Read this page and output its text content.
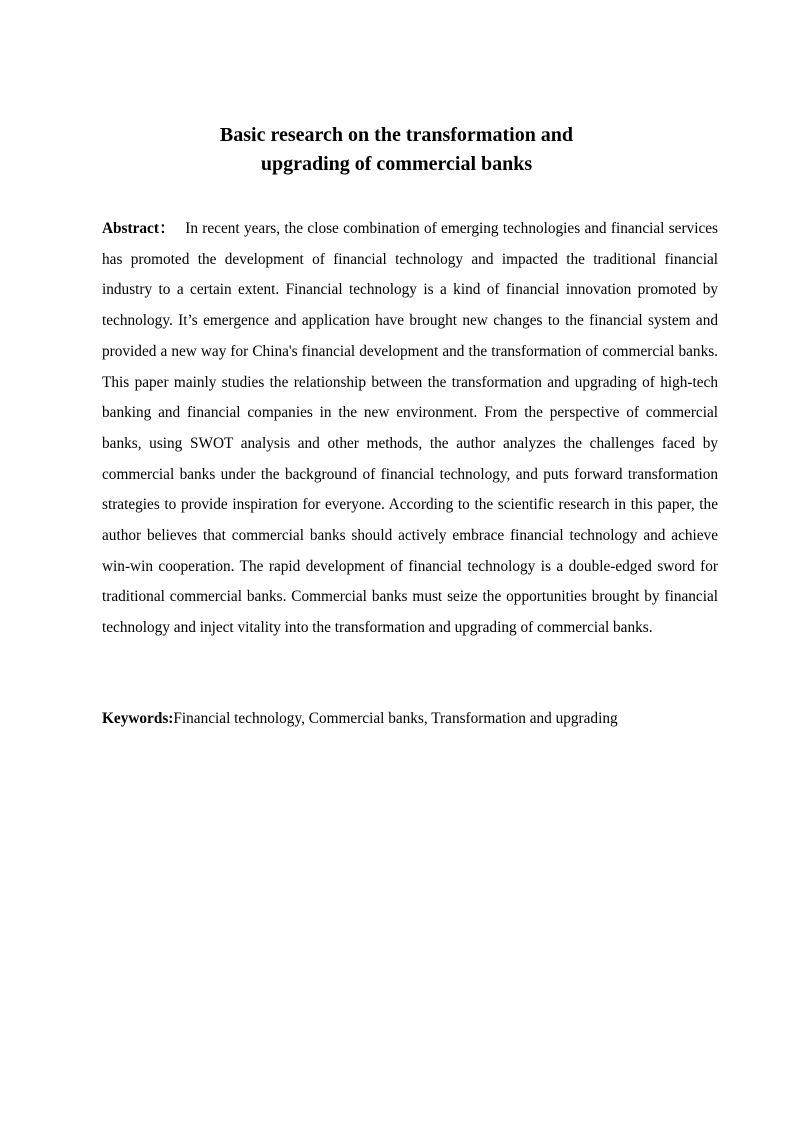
Basic research on the transformation and
upgrading of commercial banks

Abstract： In recent years, the close combination of emerging technologies and financial services has promoted the development of financial technology and impacted the traditional financial industry to a certain extent. Financial technology is a kind of financial innovation promoted by technology. It’s emergence and application have brought new changes to the financial system and provided a new way for China's financial development and the transformation of commercial banks. This paper mainly studies the relationship between the transformation and upgrading of high-tech banking and financial companies in the new environment. From the perspective of commercial banks, using SWOT analysis and other methods, the author analyzes the challenges faced by commercial banks under the background of financial technology, and puts forward transformation strategies to provide inspiration for everyone. According to the scientific research in this paper, the author believes that commercial banks should actively embrace financial technology and achieve win-win cooperation. The rapid development of financial technology is a double-edged sword for traditional commercial banks. Commercial banks must seize the opportunities brought by financial technology and inject vitality into the transformation and upgrading of commercial banks.

Keywords:Financial technology, Commercial banks, Transformation and upgrading
